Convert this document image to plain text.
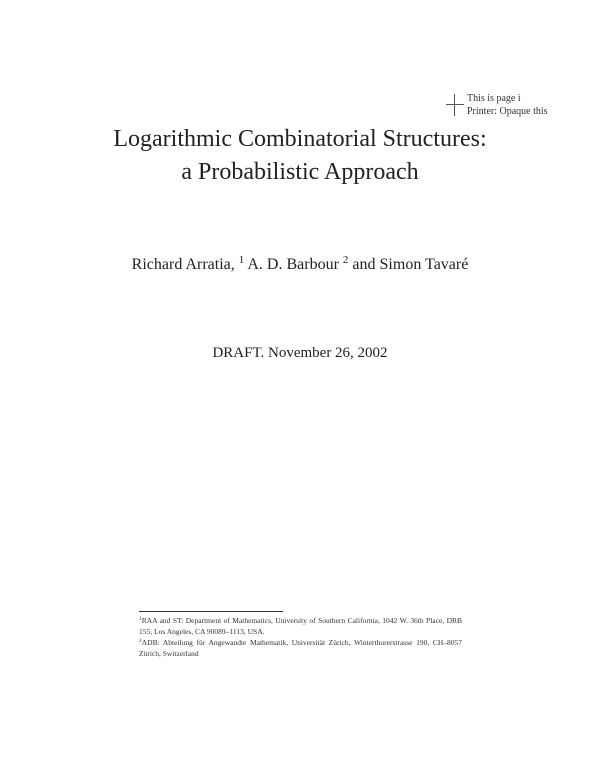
This is page i
Printer: Opaque this
Logarithmic Combinatorial Structures:
a Probabilistic Approach
Richard Arratia, $^1$ A. D. Barbour $^2$ and Simon Tavaré
DRAFT. November 26, 2002
$^1$RAA and ST: Department of Mathematics, University of Southern California, 1042 W. 36th Place, DRB 155, Los Angeles, CA 90089–1113, USA.
$^2$ADB: Abteilung für Angewandte Mathematik, Universität Zürich, Winterthurerstrasse 190, CH–8057 Zürich, Switzerland
